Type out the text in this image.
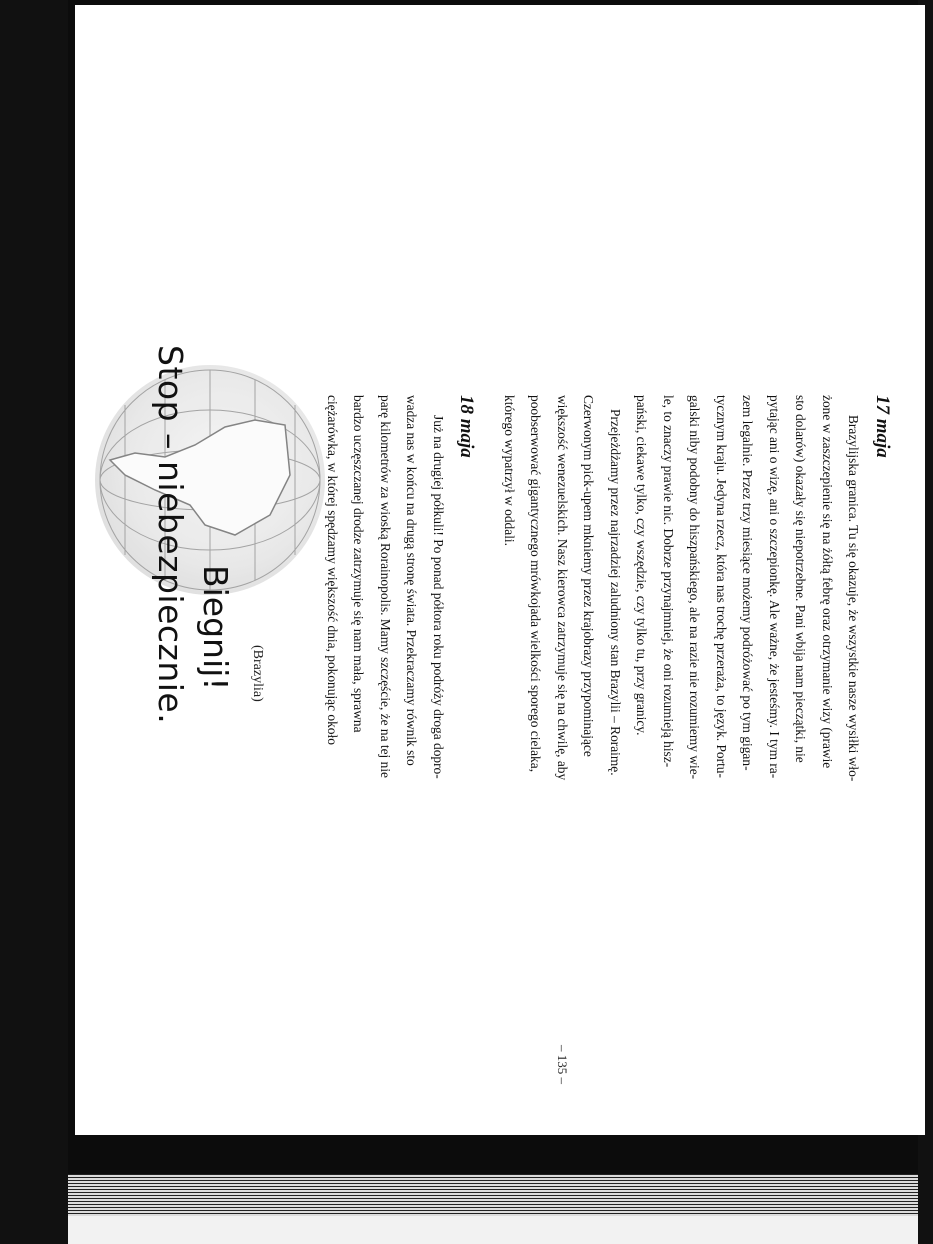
Stop – niebezpiecznie. Biegnij! (Brazylia)
17 maja
Brazylijska granica. Tu się okazuje, że wszystkie nasze wysiłki wło-
żone w zaszczepienie się na żółtą febrę oraz otrzymanie wizy (prawie
sto dolarów) okazały się niepotrzebne. Pani wbija nam pieczątki, nie
pytając ani o wizę, ani o szczepionkę. Ale ważne, że jesteśmy. I tym ra-
zem legalnie. Przez trzy miesiące możemy podróżować po tym gigan-
tycznym kraju. Jedyna rzecz, która nas trochę przeraża, to język. Portu-
galski niby podobny do hiszpańskiego, ale na razie nie rozumiemy wie-
le, to znaczy prawie nic. Dobrze przynajmniej, że oni rozumieją hisz-
pański, ciekawe tylko, czy wszędzie, czy tylko tu, przy granicy.
Przejeżdżamy przez najrzadziej zaludniony stan Brazylii – Roraimę.
Czerwonym pick-upem mkniemy przez krajobrazy przypominające
większość wenezuelskich. Nasz kierowca zatrzymuje się na chwilę, aby
poobserwować gigantycznego mrówkojada wielkości sporego cielaka,
którego wypatrzył w oddali.
18 maja
Już na drugiej półkuli! Po ponad półtora roku podróży droga dopro-
wadza nas w końcu na drugą stronę świata. Przekraczamy równik sto
parę kilometrów za wioską Rorainopolis. Mamy szczęście, że na tej nie
bardzo uczęszczanej drodze zatrzymuje się nam mała, sprawna
ciężarówka, w której spędzamy większość dnia, pokonując około
– 135 –
